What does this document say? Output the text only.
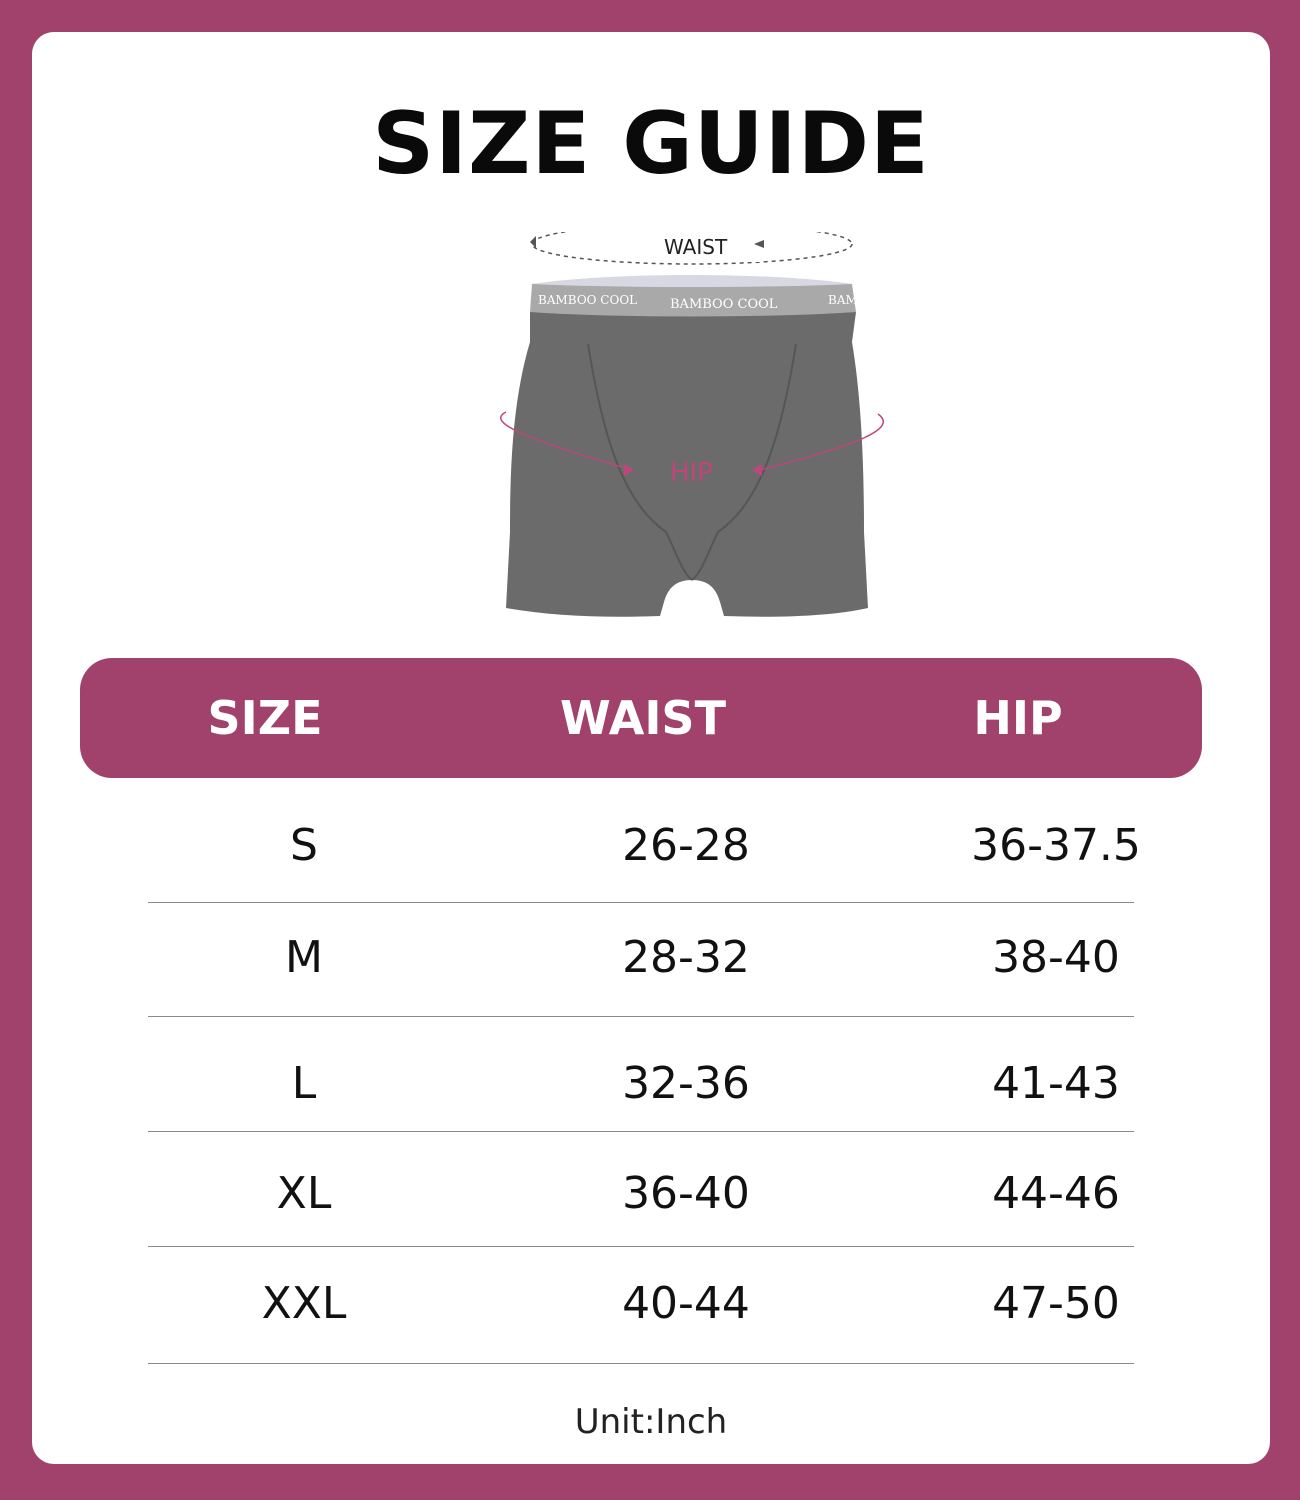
SIZE GUIDE
WAIST
BAMBOO COOL	BAMBOO COOL	BAM
HIP
SIZE	WAIST	HIP
S	26-28	36-37.5
M	28-32	38-40
L	32-36	41-43
XL	36-40	44-46
XXL	40-44	47-50
Unit:Inch
